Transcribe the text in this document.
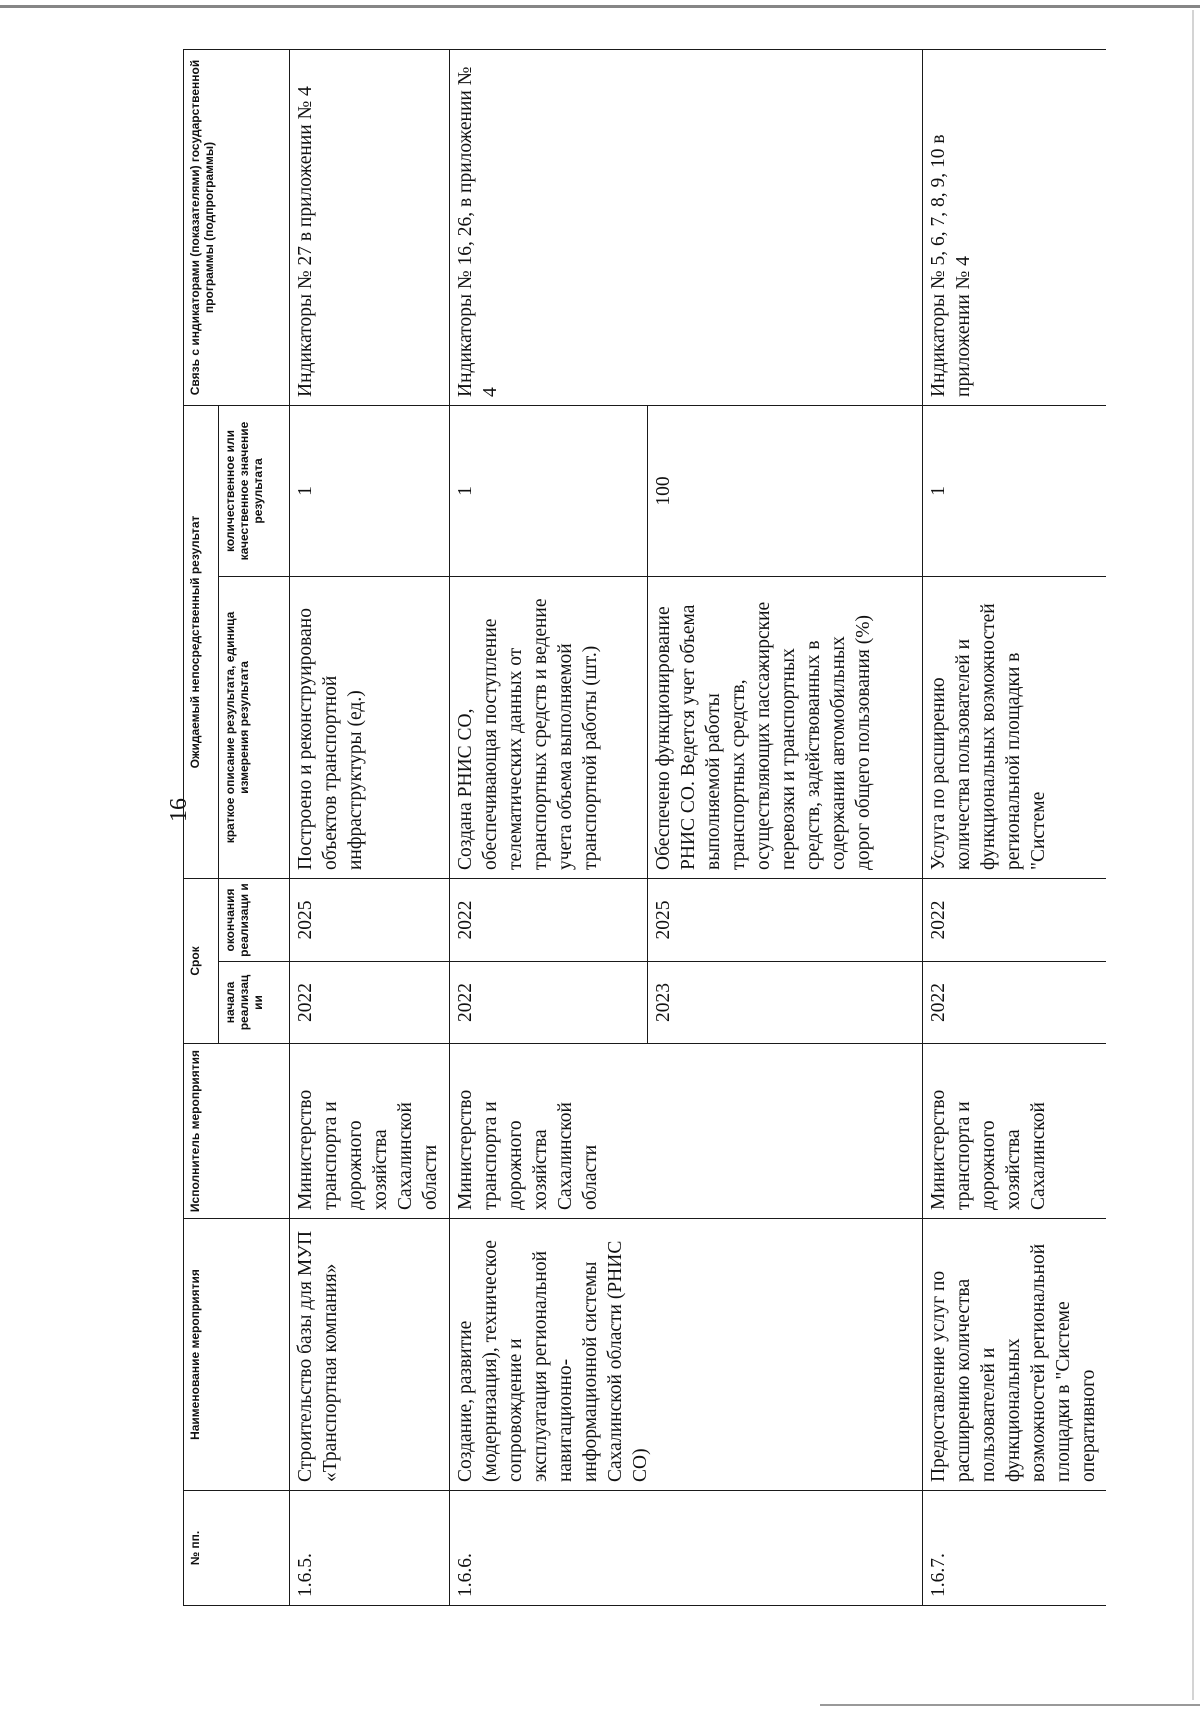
16
№ пп.	Наименование мероприятия	Исполнитель мероприятия	Срок		Ожидаемый непосредственный результат		Связь с индикаторами (показателями) государственной программы (подпрограммы)
			начала реализац ии	окончания реализаци и	краткое описание результата, единица измерения результата	количественное или качественное значение результата	
1.6.5.	Строительство базы для МУП «Транспортная компания»	Министерство транспорта и дорожного хозяйства Сахалинской области	2022	2025	Построено и реконструировано объектов транспортной инфраструктуры (ед.)	1	Индикаторы № 27 в приложении № 4
1.6.6.	Создание, развитие (модернизация), техническое сопровождение и эксплуатация региональной навигационно-информационной системы Сахалинской области (РНИС СО)	Министерство транспорта и дорожного хозяйства Сахалинской области	2022	2022	Создана РНИС СО, обеспечивающая поступление телематических данных от транспортных средств и ведение учета объема выполняемой транспортной работы (шт.)	1	Индикаторы № 16, 26, в приложении № 4
			2023	2025	Обеспечено функционирование РНИС СО. Ведется учет объема выполняемой работы транспортных средств, осуществляющих пассажирские перевозки и транспортных средств, задействованных в содержании автомобильных дорог общего пользования (%)	100	
1.6.7.	Предоставление услуг по расширению количества пользователей и функциональных возможностей региональной площадки в "Системе оперативного	Министерство транспорта и дорожного хозяйства Сахалинской	2022	2022	Услуга по расширению количества пользователей и функциональных возможностей региональной площадки в "Системе	1	Индикаторы № 5, 6, 7, 8, 9, 10 в приложении № 4
